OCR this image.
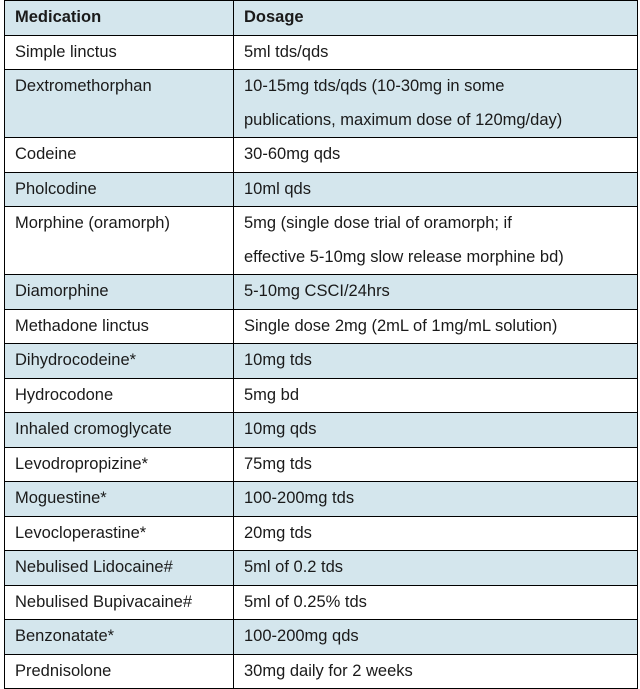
Medication	Dosage
Simple linctus	5ml tds/qds
Dextromethorphan	10-15mg tds/qds (10-30mg in some
publications, maximum dose of 120mg/day)

Codeine	30-60mg qds
Pholcodine	10ml qds
Morphine (oramorph)	5mg (single dose trial of oramorph; if
effective 5-10mg slow release morphine bd)

Diamorphine	5-10mg CSCI/24hrs
Methadone linctus	Single dose 2mg (2mL of 1mg/mL solution)
Dihydrocodeine*	10mg tds
Hydrocodone	5mg bd
Inhaled cromoglycate	10mg qds
Levodropropizine*	75mg tds
Moguestine*	100-200mg tds
Levocloperastine*	20mg tds
Nebulised Lidocaine#	5ml of 0.2 tds
Nebulised Bupivacaine#	5ml of 0.25% tds
Benzonatate*	100-200mg qds
Prednisolone	30mg daily for 2 weeks
